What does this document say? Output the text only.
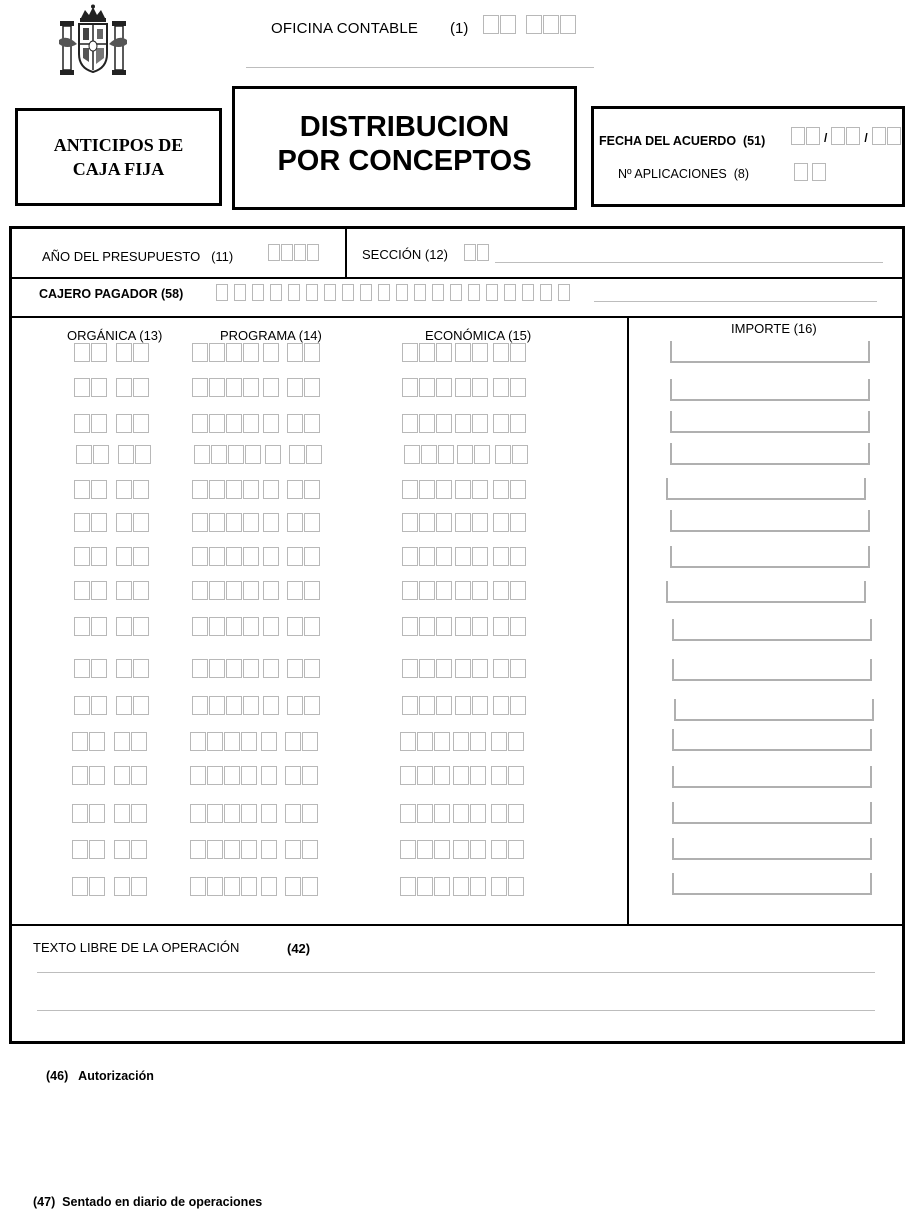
OFICINA CONTABLE (1)
ANTICIPOS DE
CAJA FIJA
DISTRIBUCION
POR CONCEPTOS
FECHA DEL ACUERDO (51)	/	/
Nº APLICACIONES (8)
AÑO DEL PRESUPUESTO (11)	SECCIÓN (12)
CAJERO PAGADOR (58)
ORGÁNICA (13)	PROGRAMA (14)	ECONÓMICA (15)	IMPORTE (16)
TEXTO LIBRE DE LA OPERACIÓN	(42)
(46)   Autorización
(47)  Sentado en diario de operaciones
